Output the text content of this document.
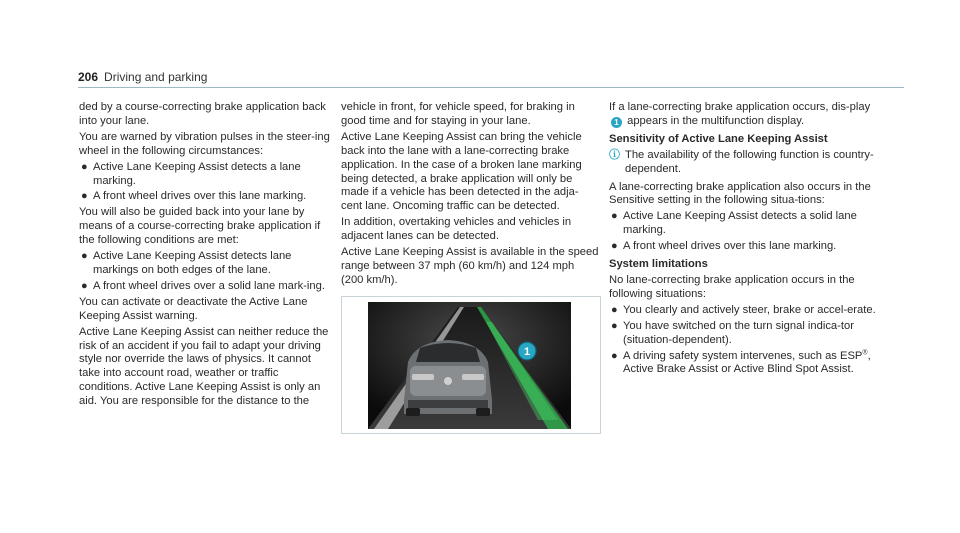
206 Driving and parking

ded by a course-correcting brake application back into your lane.

You are warned by vibration pulses in the steer-ing wheel in the following circumstances:

● Active Lane Keeping Assist detects a lane marking.
● A front wheel drives over this lane marking.

You will also be guided back into your lane by means of a course-correcting brake application if the following conditions are met:

● Active Lane Keeping Assist detects lane markings on both edges of the lane.
● A front wheel drives over a solid lane mark-ing.

You can activate or deactivate the Active Lane Keeping Assist warning.

Active Lane Keeping Assist can neither reduce the risk of an accident if you fail to adapt your driving style nor override the laws of physics. It cannot take into account road, weather or traffic conditions. Active Lane Keeping Assist is only an aid. You are responsible for the distance to the

vehicle in front, for vehicle speed, for braking in good time and for staying in your lane.

Active Lane Keeping Assist can bring the vehicle back into the lane with a lane-correcting brake application. In the case of a broken lane marking being detected, a brake application will only be made if a vehicle has been detected in the adja-cent lane. Oncoming traffic can be detected.

In addition, overtaking vehicles and vehicles in adjacent lanes can be detected.

Active Lane Keeping Assist is available in the speed range between 37 mph (60 km/h) and 124 mph (200 km/h).

1

If a lane-correcting brake application occurs, dis-play 1 appears in the multifunction display.

Sensitivity of Active Lane Keeping Assist
ⓘ The availability of the following function is country-dependent.

A lane-correcting brake application also occurs in the Sensitive setting in the following situa-tions:

● Active Lane Keeping Assist detects a solid lane marking.
● A front wheel drives over this lane marking.
System limitations

No lane-correcting brake application occurs in the following situations:

● You clearly and actively steer, brake or accel-erate.
● You have switched on the turn signal indica-tor (situation-dependent).
● A driving safety system intervenes, such as ESP®, Active Brake Assist or Active Blind Spot Assist.
